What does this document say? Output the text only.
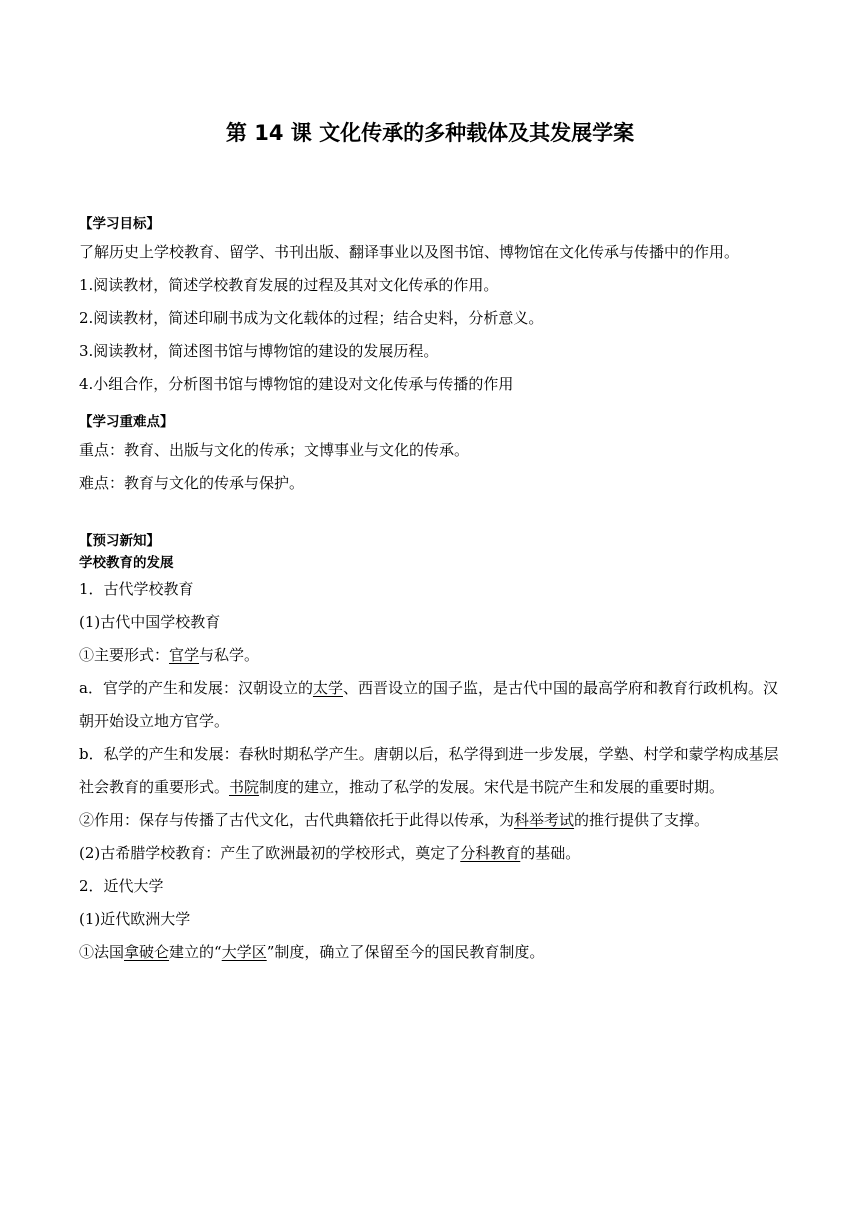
第 14 课 文化传承的多种载体及其发展学案
【学习目标】

了解历史上学校教育、留学、书刊出版、翻译事业以及图书馆、博物馆在文化传承与传播中的作用。

1.阅读教材，简述学校教育发展的过程及其对文化传承的作用。

2.阅读教材，简述印刷书成为文化载体的过程；结合史料，分析意义。

3.阅读教材，简述图书馆与博物馆的建设的发展历程。

4.小组合作，分析图书馆与博物馆的建设对文化传承与传播的作用

【学习重难点】

重点：教育、出版与文化的传承；文博事业与文化的传承。

难点：教育与文化的传承与保护。

【预习新知】
学校教育的发展

1．古代学校教育

(1)古代中国学校教育

①主要形式：官学与私学。

a．官学的产生和发展：汉朝设立的太学、西晋设立的国子监，是古代中国的最高学府和教育行政机构。汉朝开始设立地方官学。

b．私学的产生和发展：春秋时期私学产生。唐朝以后，私学得到进一步发展，学塾、村学和蒙学构成基层社会教育的重要形式。书院制度的建立，推动了私学的发展。宋代是书院产生和发展的重要时期。

②作用：保存与传播了古代文化，古代典籍依托于此得以传承，为科举考试的推行提供了支撑。

(2)古希腊学校教育：产生了欧洲最初的学校形式，奠定了分科教育的基础。

2．近代大学

(1)近代欧洲大学

①法国拿破仑建立的“大学区”制度，确立了保留至今的国民教育制度。
